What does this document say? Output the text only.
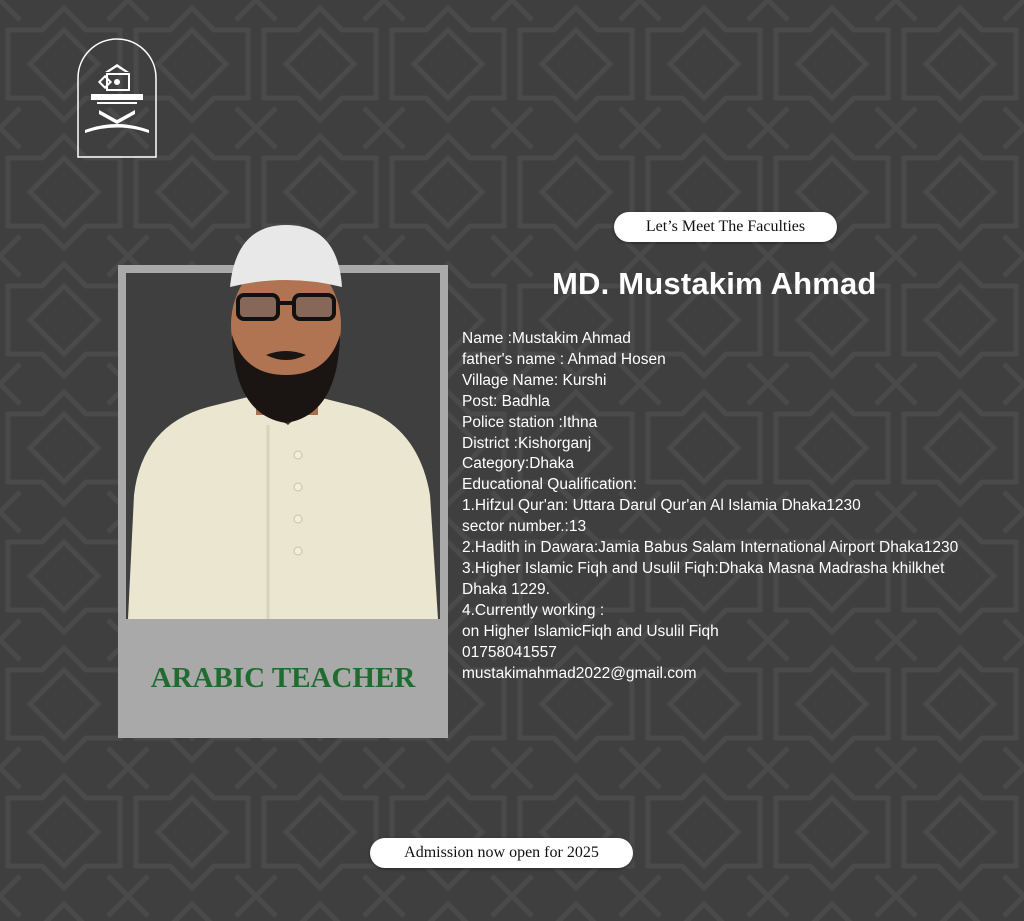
DARUL ARQAM AL-ISLAMIA
Let’s Meet The Faculties
MD. Mustakim Ahmad
ARABIC TEACHER
Name :Mustakim Ahmad
father's name : Ahmad Hosen
Village Name: Kurshi
Post: Badhla
Police station :Ithna
District :Kishorganj
Category:Dhaka
Educational Qualification:
1.Hifzul Qur'an: Uttara Darul Qur'an Al Islamia Dhaka1230
sector number.:13
2.Hadith in Dawara:Jamia Babus Salam International Airport Dhaka1230
3.Higher Islamic Fiqh and Usulil Fiqh:Dhaka Masna Madrasha khilkhet
Dhaka 1229.
4.Currently working :
on Higher IslamicFiqh and Usulil Fiqh
01758041557
mustakimahmad2022@gmail.com
Admission now open for 2025
